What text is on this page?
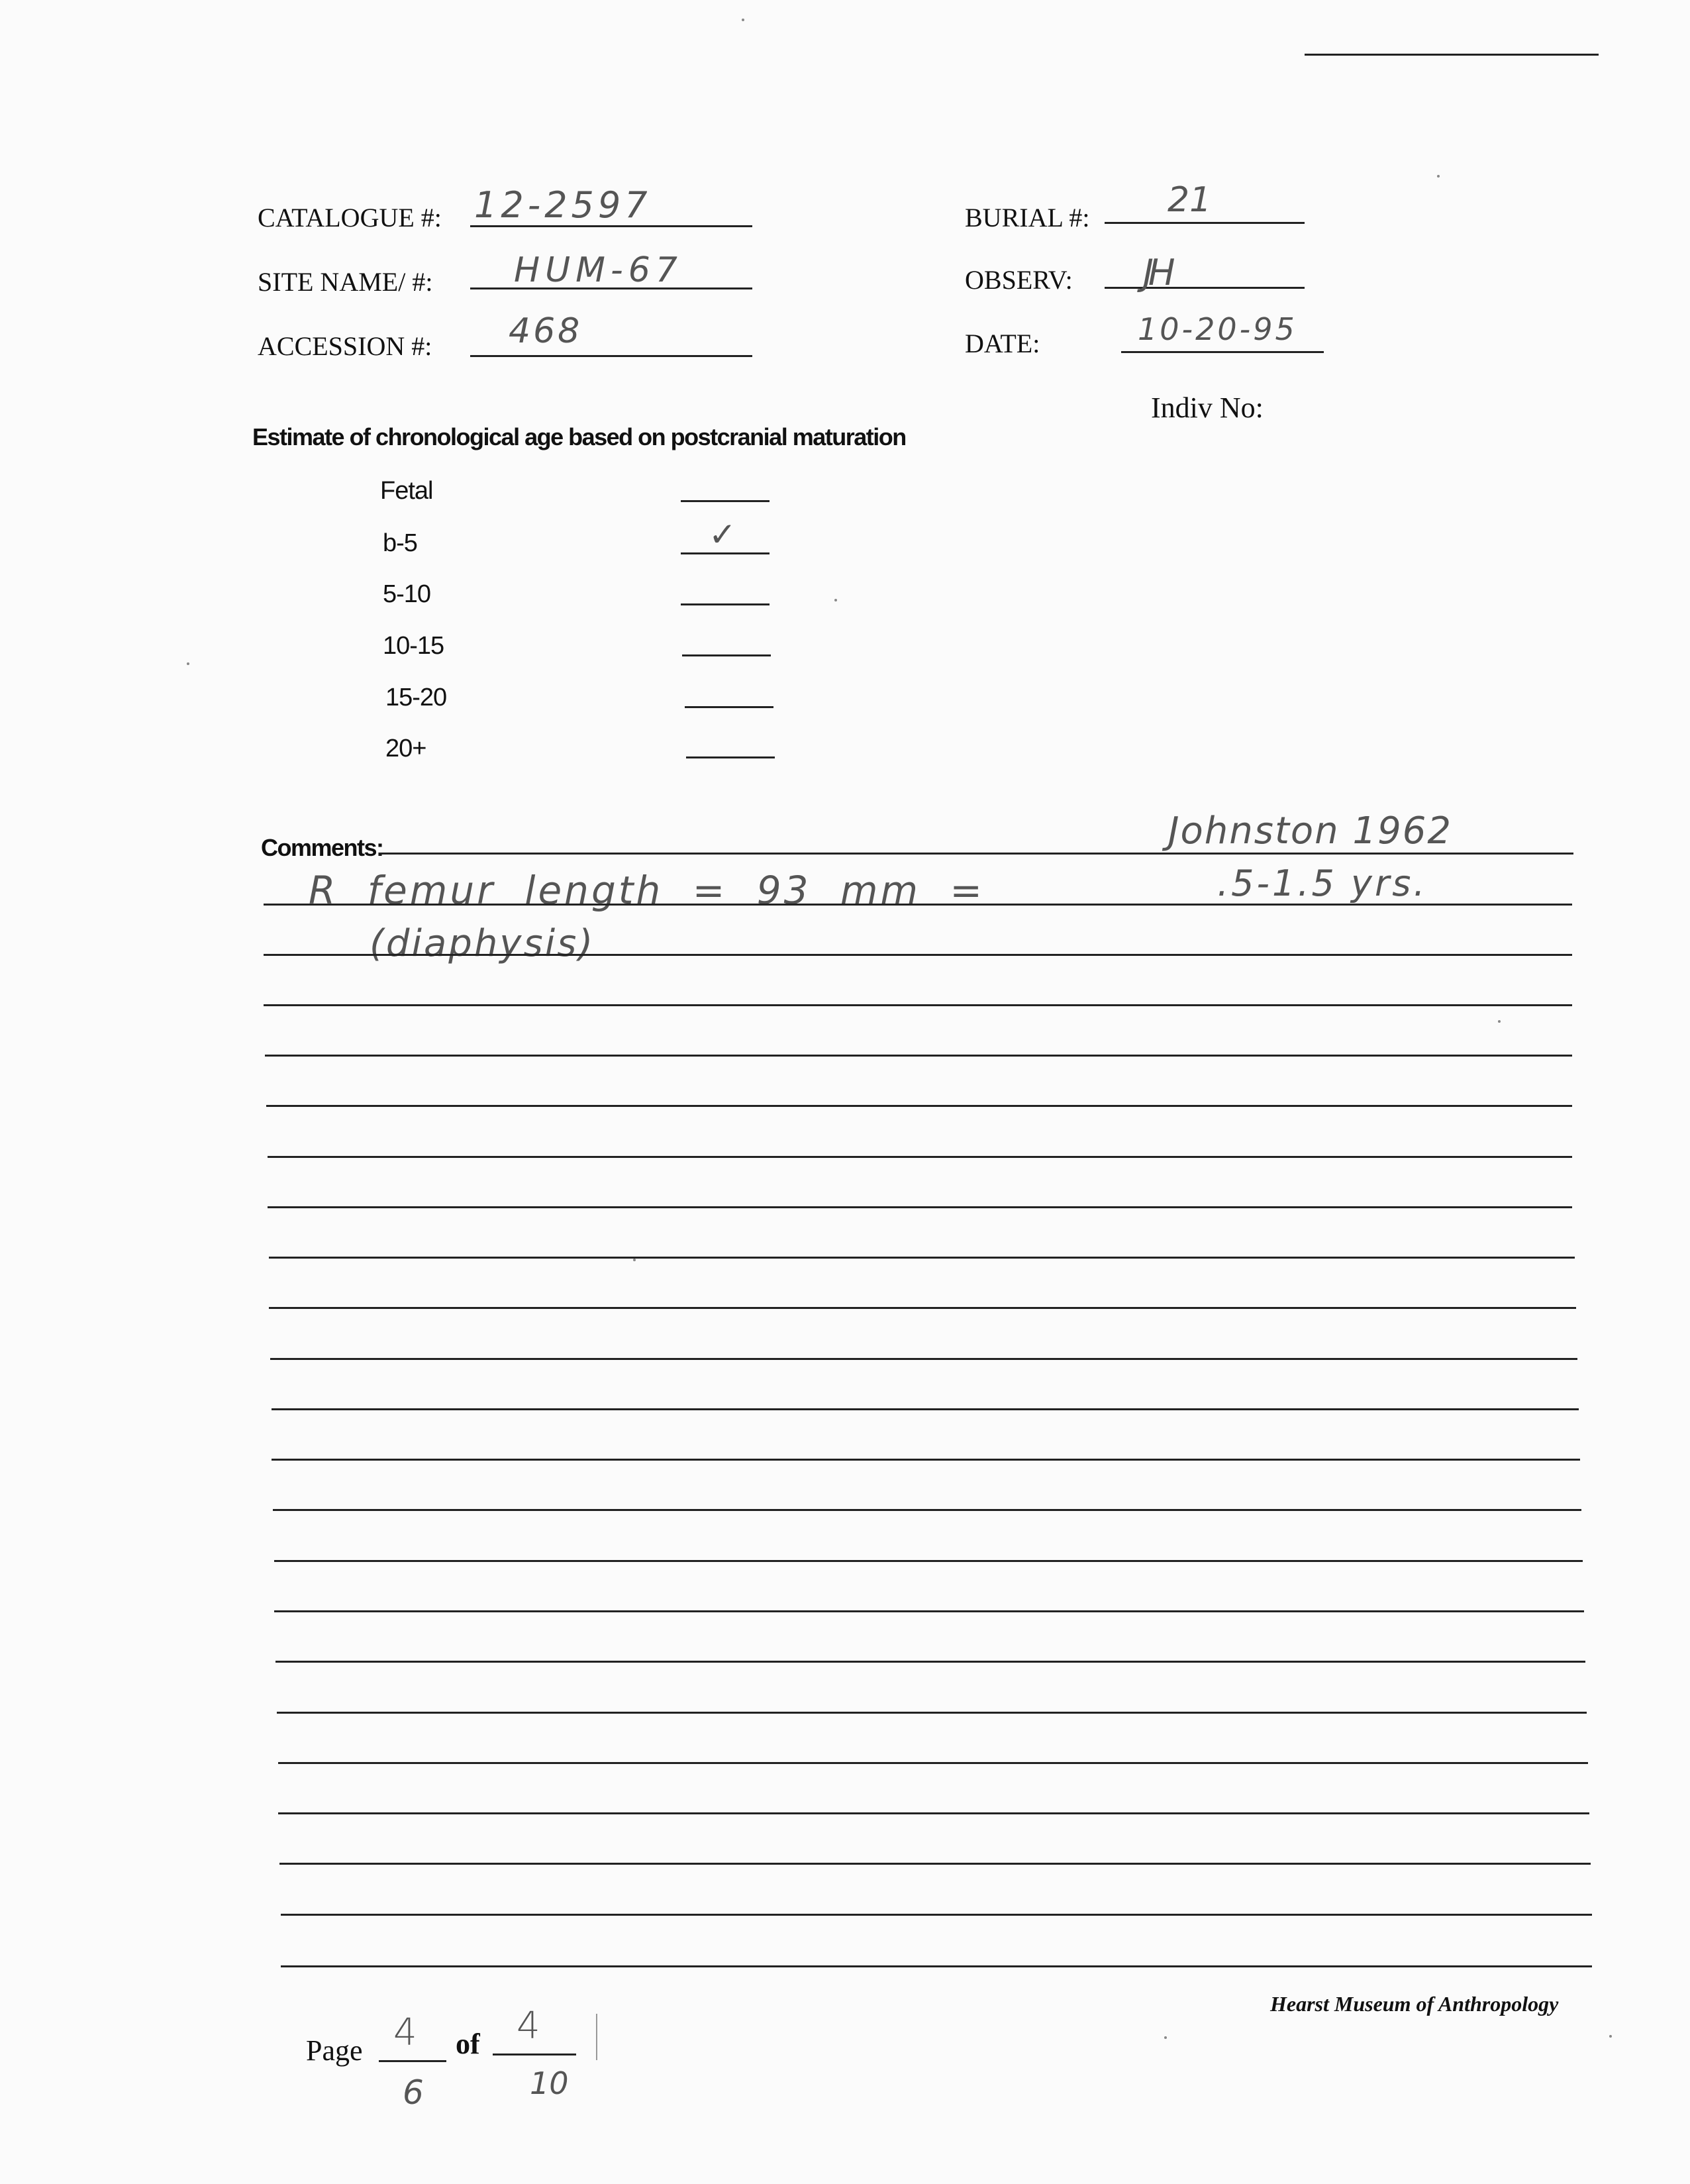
CATALOGUE #: 12-2597
SITE NAME/ #: HUM-67
ACCESSION #: 468
BURIAL #: 21
OBSERV: JH
DATE:	10-20-95
Indiv No:
Estimate of chronological age based on postcranial maturation
Fetal
b-5	✓
5-10
10-15
15-20
20+
Comments:
R femur length = 93 mm =
Johnston 1962
.5-1.5 yrs.
(diaphysis)
Hearst Museum of Anthropology
Page 4
6
of 4
10
